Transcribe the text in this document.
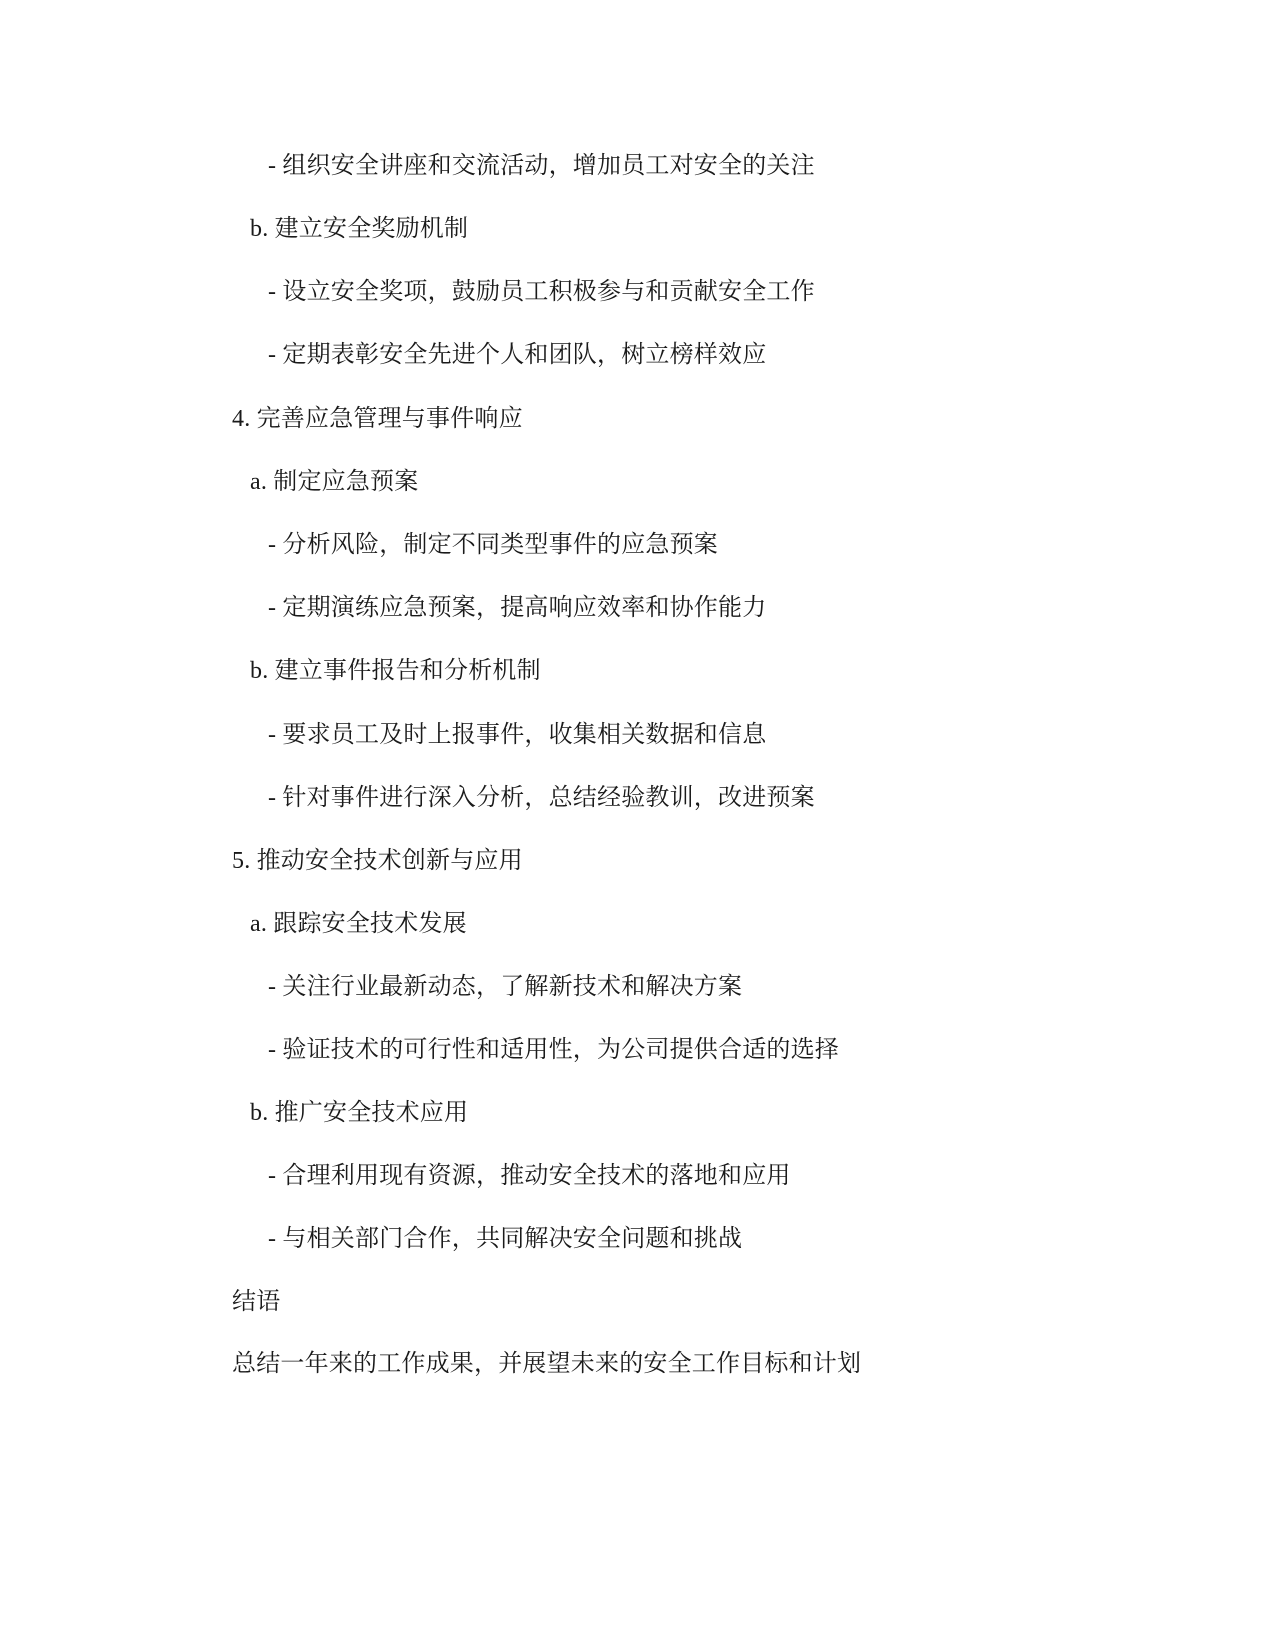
- 组织安全讲座和交流活动，增加员工对安全的关注
b. 建立安全奖励机制
- 设立安全奖项，鼓励员工积极参与和贡献安全工作
- 定期表彰安全先进个人和团队，树立榜样效应
4. 完善应急管理与事件响应
a. 制定应急预案
- 分析风险，制定不同类型事件的应急预案
- 定期演练应急预案，提高响应效率和协作能力
b. 建立事件报告和分析机制
- 要求员工及时上报事件，收集相关数据和信息
- 针对事件进行深入分析，总结经验教训，改进预案
5. 推动安全技术创新与应用
a. 跟踪安全技术发展
- 关注行业最新动态，了解新技术和解决方案
- 验证技术的可行性和适用性，为公司提供合适的选择
b. 推广安全技术应用
- 合理利用现有资源，推动安全技术的落地和应用
- 与相关部门合作，共同解决安全问题和挑战
结语
总结一年来的工作成果，并展望未来的安全工作目标和计划
